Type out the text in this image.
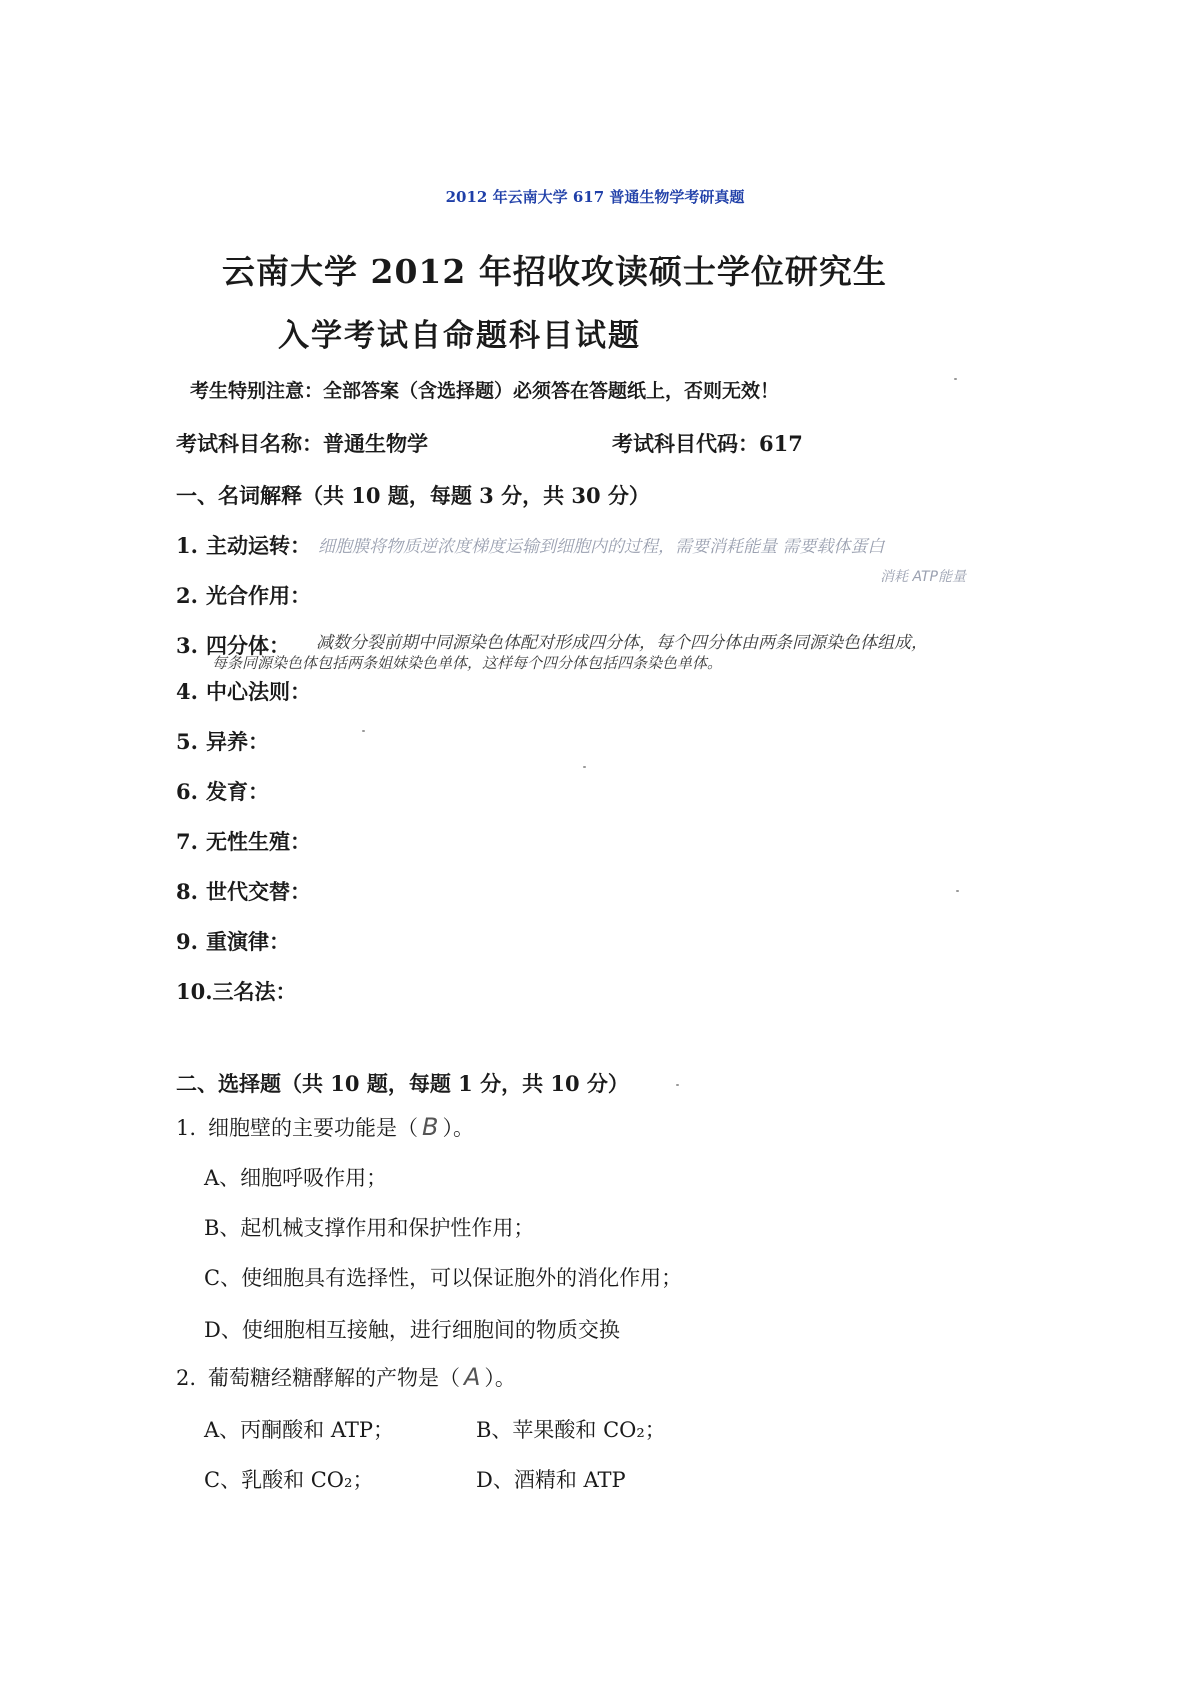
2012 年云南大学 617 普通生物学考研真题
云南大学 2012 年招收攻读硕士学位研究生
入学考试自命题科目试题
考生特别注意：全部答案（含选择题）必须答在答题纸上，否则无效！
考试科目名称：普通生物学	考试科目代码：617
一、名词解释（共 10 题，每题 3 分，共 30 分）
1. 主动运转：
2. 光合作用：
3. 四分体：
4. 中心法则：
5. 异养：
6. 发育：
7. 无性生殖：
8. 世代交替：
9. 重演律：
10.三名法：
细胞膜将物质逆浓度梯度运输到细胞内的过程，需要消耗能量 需要载体蛋白
消耗 ATP能量
减数分裂前期中同源染色体配对形成四分体，每个四分体由两条同源染色体组成，
每条同源染色体包括两条姐妹染色单体，这样每个四分体包括四条染色单体。
二、选择题（共 10 题，每题 1 分，共 10 分）
1. 细胞壁的主要功能是（ B ）。
A、细胞呼吸作用；
B、起机械支撑作用和保护性作用；
C、使细胞具有选择性，可以保证胞外的消化作用；
D、使细胞相互接触，进行细胞间的物质交换
2. 葡萄糖经糖酵解的产物是（ A ）。
A、丙酮酸和 ATP；	B、苹果酸和 CO₂；
C、乳酸和 CO₂；	D、酒精和 ATP
